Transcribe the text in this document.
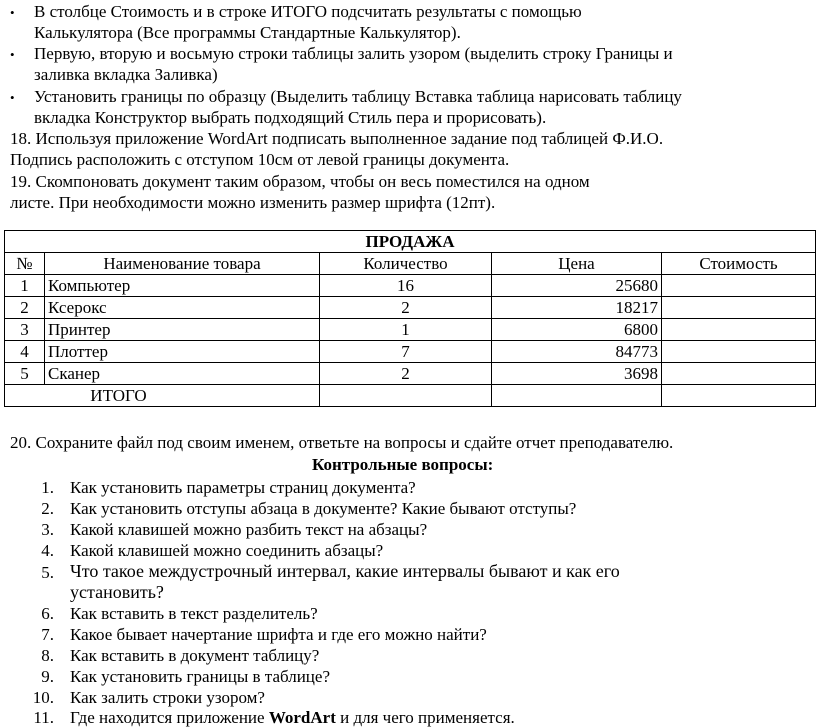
• В столбце Стоимость и в строке ИТОГО подсчитать результаты с помощью
Калькулятора (Все программы Стандартные Калькулятор).
• Первую, вторую и восьмую строки таблицы залить узором (выделить строку Границы и
заливка вкладка Заливка)
• Установить границы по образцу (Выделить таблицу Вставка таблица нарисовать таблицу
вкладка Конструктор выбрать подходящий Стиль пера и прорисовать).
18. Используя приложение WordArt подписать выполненное задание под таблицей Ф.И.О.
Подпись расположить с отступом 10см от левой границы документа.
19. Скомпоновать документ таким образом, чтобы он весь поместился на одном
листе. При необходимости можно изменить размер шрифта (12пт).
ПРОДАЖА				
№	Наименование товара	Количество	Цена	Стоимость
1	Компьютер	16	25680	
2	Ксерокс	2	18217	
3	Принтер	1	6800	
4	Плоттер	7	84773	
5	Сканер	2	3698	
ИТОГО				
20. Сохраните файл под своим именем, ответьте на вопросы и сдайте отчет преподавателю.
Контрольные вопросы:
1. Как установить параметры страниц документа?
2. Как установить отступы абзаца в документе? Какие бывают отступы?
3. Какой клавишей можно разбить текст на абзацы?
4. Какой клавишей можно соединить абзацы?
5. Что такое междустрочный интервал, какие интервалы бывают и как его
установить?
6. Как вставить в текст разделитель?
7. Какое бывает начертание шрифта и где его можно найти?
8. Как вставить в документ таблицу?
9. Как установить границы в таблице?
10. Как залить строки узором?
11. Где находится приложение WordArt и для чего применяется.
